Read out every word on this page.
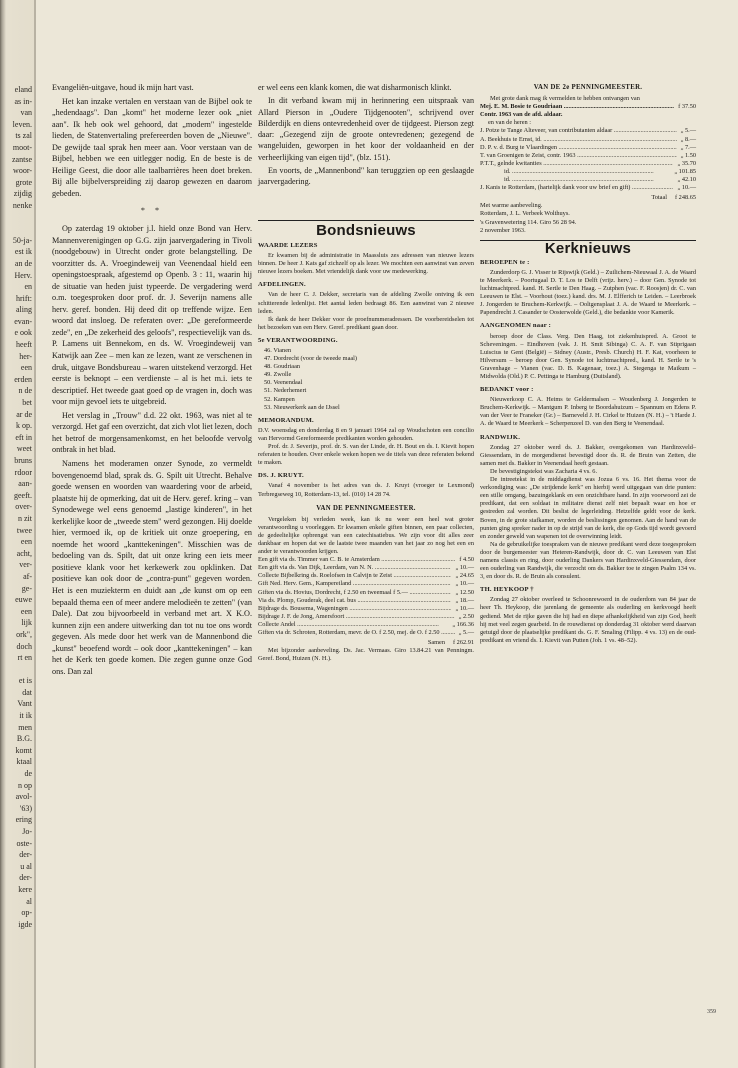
eland
as in-
van
leven.
ts zal
moot-
zantse
woor-
grote
zijdig
nenke

50-ja-
est ik
an de
Herv.
en
hrift:
aling
evan-
e ook
heeft
her-
een
erden
n de
bet
ar de
k op.
eft in
weet
bruns
rdoor
aan-
geeft.
over-
n zit
twee
een
acht,
ver-
af-
ge-
euwe
een
lijk
ork",
doch
rt en

et is
dat
Vant
it ik
men
B.G.
komt
ktaal
de
n op
avol-
'63)
ering
Jo-
oste-
der-
u al
der-
kere
al
op-
igde

Evangeliën-uitgave, houd ik mijn hart vast.

Het kan inzake vertalen en verstaan van de Bijbel ook te „hedendaags". Dan „komt" het moderne lezer ook „niet aan". Ik heb ook wel gehoord, dat „modern" ingestelde lieden, de Statenvertaling prefereerden boven de „Nieuwe". De gewijde taal sprak hen meer aan. Voor verstaan van de Bijbel, hebben we een uitlegger nodig. En de beste is de Heilige Geest, die door alle taalbarrières heen doet breken. Bij alle bijbelverspreiding zij daarop gewezen en daarom gebeden.

* *

Op zaterdag 19 oktober j.l. hield onze Bond van Herv. Mannenverenigingen op G.G. zijn jaarvergadering in Tivoli (noodgebouw) in Utrecht onder grote belangstelling. De voorzitter ds. A. Vroegindeweij van Veenendaal hield een openingstoespraak, afgestemd op Openb. 3 : 11, waarin hij de situatie van heden juist typeerde. De vergadering werd o.m. toegesproken door prof. dr. J. Severijn namens alle herv. geref. bonden. Hij deed dit op treffende wijze. Een woord dat insloeg. De referaten over: „De gereformeerde zede", en „De zekerheid des geloofs", respectievelijk van ds. P. Lamens uit Bennekom, en ds. W. Vroegindeweij van Katwijk aan Zee – men kan ze lezen, want ze verschenen in druk, uitgave Bondsbureau – waren uitstekend verzorgd. Het eerste is beknopt – een verdienste – al is het m.i. iets te descriptief. Het tweede gaat goed op de vragen in, doch was voor mijn gevoel iets te uitgebreid.

Het verslag in „Trouw" d.d. 22 okt. 1963, was niet al te verzorgd. Het gaf een overzicht, dat zich vlot liet lezen, doch het betrof de morgensamenkomst, en het beloofde vervolg ontbrak in het blad.

Namens het moderamen onzer Synode, zo vermeldt bovengenoemd blad, sprak ds. G. Spilt uit Utrecht. Behalve goede wensen en woorden van waardering voor de arbeid, plaatste hij de opmerking, dat uit de Herv. geref. kring – van Synodewege wel eens genoemd „lastige kinderen", in het kerkelijke koor de „tweede stem" werd gezongen. Hij doelde hier, vermoed ik, op de kritiek uit onze groepering, en noemde het woord „kanttekeningen". Misschien was de bedoeling van ds. Spilt, dat uit onze kring een iets meer positieve klank voor het kerkewerk zou opklinken. Dat positieve kan ook door de „contra-punt" gegeven worden. Het is een muziekterm en duidt aan „de kunst om op een bepaald thema een of meer andere melodieën te zetten" (van Dale). Dat zou bijvoorbeeld in verband met art. X K.O. kunnen zijn een andere uitwerking dan tot nu toe ons wordt gegeven. Als mede door het werk van de Mannenbond die „kunst" beoefend wordt – ook door „kanttekeningen" – kan het de Kerk ten goede komen. Die zegen gunne onze God ons. Dan zal

er wel eens een klank komen, die wat disharmonisch klinkt.

In dit verband kwam mij in herinnering een uitspraak van Allard Pierson in „Oudere Tijdgenooten", schrijvend over Bilderdijk en diens ontevredenheid over de tijdgeest. Pierson zegt daar: „Gezegend zijn de groote ontevredenen; gezegend de wangeluiden, geworpen in het koor der voldaanheid en der verheerlijking van eigen tijd", (blz. 151).

En voorts, de „Mannenbond" kan teruggzien op een geslaagde jaarvergadering.

Bondsnieuws
WAARDE LEZERS

Er kwamen bij de administratie in Maassluis zes adressen van nieuwe lezers binnen. De heer J. Kats gaf zichzelf op als lezer. We mochten een aanwinst van zeven nieuwe lezers boeken. Met vriendelijk dank voor uw medewerking.

AFDELINGEN.

Van de heer C. J. Dekker, secretaris van de afdeling Zwolle ontving ik een schitterende ledenlijst. Het aantal leden bedraagt 86. Een aanwinst van 2 nieuwe leden.

Ik dank de heer Dekker voor de proefnummeradressen. De voorbereidselen tot het bezoeken van een Herv. Geref. predikant gaan door.

5e VERANTWOORDING.
46. Vianen
47. Dordrecht (voor de tweede maal)
48. Goudriaan
49. Zwolle
50. Veenendaal
51. Nederhemert
52. Kampen
53. Nieuwerkerk aan de IJssel
MEMORANDUM.

D.V. woensdag en donderdag 8 en 9 januari 1964 zal op Woudschoten een concilio van Hervormd Gereformeerde predikanten worden gehouden.

Prof. dr. J. Severijn, prof. dr. S. van der Linde, dr. H. Bout en ds. I. Kievit hopen referaten te houden. Over enkele weken hopen we de titels van deze referaten bekend te maken.

DS. J. KRUYT.

Vanaf 4 november is het adres van ds. J. Kruyt (vroeger te Lexmond) Terbregseweg 10, Rotterdam-13, tel. (010) 14 28 74.

VAN DE PENNINGMEESTER.

Vergeleken bij verleden week, kan ik nu weer een heel wat groter verantwoording u voorleggen. Er kwamen enkele giften binnen, een paar collecten, de gedeeltelijke opbrengst van een catechisatiebus. We zijn voor dit alles zeer dankbaar en hopen dat we de laatste twee maanden van het jaar zo nog het een en ander te verantwoorden krijgen.

Een gift via ds. Timmer van C. B. te Amsterdam .....	f 4.50
Een gift via ds. Van Dijk, Leerdam, van N. N. .....	„ 10.—
Collecte Bijbelkring ds. Roelofsen in Calvijn te Zeist .....	„ 24.65
Gift Ned. Herv. Gem., Kampereiland .....	„ 10.—
Giften via ds. Hovius, Dordrecht, f 2.50 en tweemaal f 5.— .....	„ 12.50
Via ds. Plomp, Gouderak, deel cat. bus .....	„ 18.—
Bijdrage ds. Bousema, Wageningen .....	„ 10.—
Bijdrage J. F. de Jong, Amersfoort .....	„ 2.50
Collecte Andel .....	„ 166.36
Giften via dr. Schroten, Rotterdam, mevr. de O. f 2.50, mej. de O. f 2.50 .....	„ 5.—
Samen f 262.91

Met bijzonder aanbeveling. Ds. Jac. Vermaas. Giro 13.84.21 van Penningm. Geref. Bond, Huizen (N. H.).

VAN DE 2e PENNINGMEESTER.

Met grote dank mag ik vermelden te hebben ontvangen van

Mej. E. M. Bosie te Goudriaan .....	f 37.50
Contr. 1963 van de afd. aldaar.

en van de heren :

J. Potze te Tange Alteveer, van contributanten aldaar .....	„ 5.—
A. Beekhuis te Ernst, id. .....	„ 8.—
D. P. v. d. Burg te Vlaardingen .....	„ 7.—
T. van Groenigen te Zeist, contr. 1963 .....	„ 1.50
P.T.T., gelnde kwitanties .....	„ 35.70
id. .....	„ 101.85
id. .....	„ 42.10
J. Kanis te Rotterdam, (hartelijk dank voor uw brief en gift) .....	„ 10.—
Totaal f 248.65

Met warme aanbeveling.
Rotterdam, J. L. Verbeek Wolthuys.
's Gravenwetering 114. Giro 56 28 94.
2 november 1963.

Kerknieuws
BEROEPEN te :

Zunderdorp G. J. Visser te Rijswijk (Geld.) – Zuilichem-Nieuwaal J. A. de Waard te Meerkerk. – Poortugaal D. T. Los te Delft (vrijz. herv.) – door Gen. Synode tot luchtmachtpred. kand. H. Sertle te Den Haag. – Zutphen (vac. F. Roosjen) dr. C. van Leeuwen te Elst. – Voorhout (toez.) kand. drs. M. J. Elfferich te Leiden. – Leerbroek J. Jongerden te Bruchem-Kerkwijk. – Ooltgensplaat J. A. de Waard te Meerkerk. – Papendrecht J. Casander te Oosterwolde (Geld.), die bedankte voor Kamerik.

AANGENOMEN naar :

beroep door de Class. Verg. Den Haag, tot ziekenhuispred. A. Groot te Scheveningen. – Eindhoven (vak. J. H. Smit Sibinga) C. A. F. van Stiprigaan Luiscius te Gent (België) – Sidney (Austr., Presb. Church) H. F. Kat, voorheen te Hilversum – beroep door Gen. Synode tot luchtmachtpred., kand. H. Sertle te 's Gravenhage – Vianen (vac. D. B. Kagenaar, toez.) A. Stegenga te Maikum – Midwolda (Old.) P. C. Pettinga te Hamburg (Duitsland).

BEDANKT voor :

Nieuwerkoop C. A. Heims te Geldermalsen – Woudenberg J. Jongerden te Bruchem-Kerkwijk. – Mantgum P. Inberg te Boordahuizum – Spannum en Edens P. van der Veer te Franeker (Gr.) – Barneveld J. H. Cirkel te Huizen (N. H.) – 't Harde J. A. de Waard te Meerkerk – Scherpenzeel D. van den Berg te Veenendaal.

RANDWIJK.

Zondag 27 oktober werd ds. J. Bakker, overgekomen van Hardinxveld–Giessendam, in de morgendienst bevestigd door ds. R. de Bruin van Zetten, die samen met ds. Bakker in Veenendaal heeft gestaan.

De bevestigingstekst was Zacharia 4 vs. 6.

De intreetekst in de middagdienst was Jozua 6 vs. 16. Het thema voor de verkondiging was: „De strijdende kerk" en hierbij werd uitgegaan van drie punten: een stille omgang, bazuingeklank en een onzichtbare hand. In zijn voorwoord zei de predikant, dat een soldaat in militaire dienst zelf niet bepaalt waar en hoe er gestreden zal worden. Dit beslist de legerleiding. Hetzelfde geldt voor de kerk. Boven, in de grote stafkamer, worden de beslissingen genomen. Aan de hand van de punten ging spreker nader in op de strijd van de kerk, die op Gods tijd wordt gevoerd en zonder geweld van wapenen tot de overwinning leidt.

Na de gebruikelijke toespraken van de nieuwe predikant werd deze toegesproken door de burgemeester van Heteren-Randwijk, door dr. C. van Leeuwen van Elst namens classis en ring, door ouderling Dankers van Hardinxveld-Giessendam, door een ouderling van Randwijk, die verzocht om ds. Bakker toe te zingen Psalm 134 vs. 3, en door ds. R. de Bruin als consulent.

TH. HEYKOOP †

Zondag 27 oktober overleed te Schoonrewoerd in de ouderdom van 84 jaar de heer Th. Heykoop, die jarenlang de gemeente als ouderling en kerkvoogd heeft gediend. Met de rijke gaven die hij had en diepe afhankelijkheid van zijn God, heeft hij met veel zegen gearbeid. In de rouwdienst op donderdag 31 oktober werd daarvan getuigd door de plaatselijke predikant ds. G. F. Smaling (Filipp. 4 vs. 13) en de oud-predikant en vriend ds. I. Kievit van Putten (Joh. 1 vs. 48–52).

359
